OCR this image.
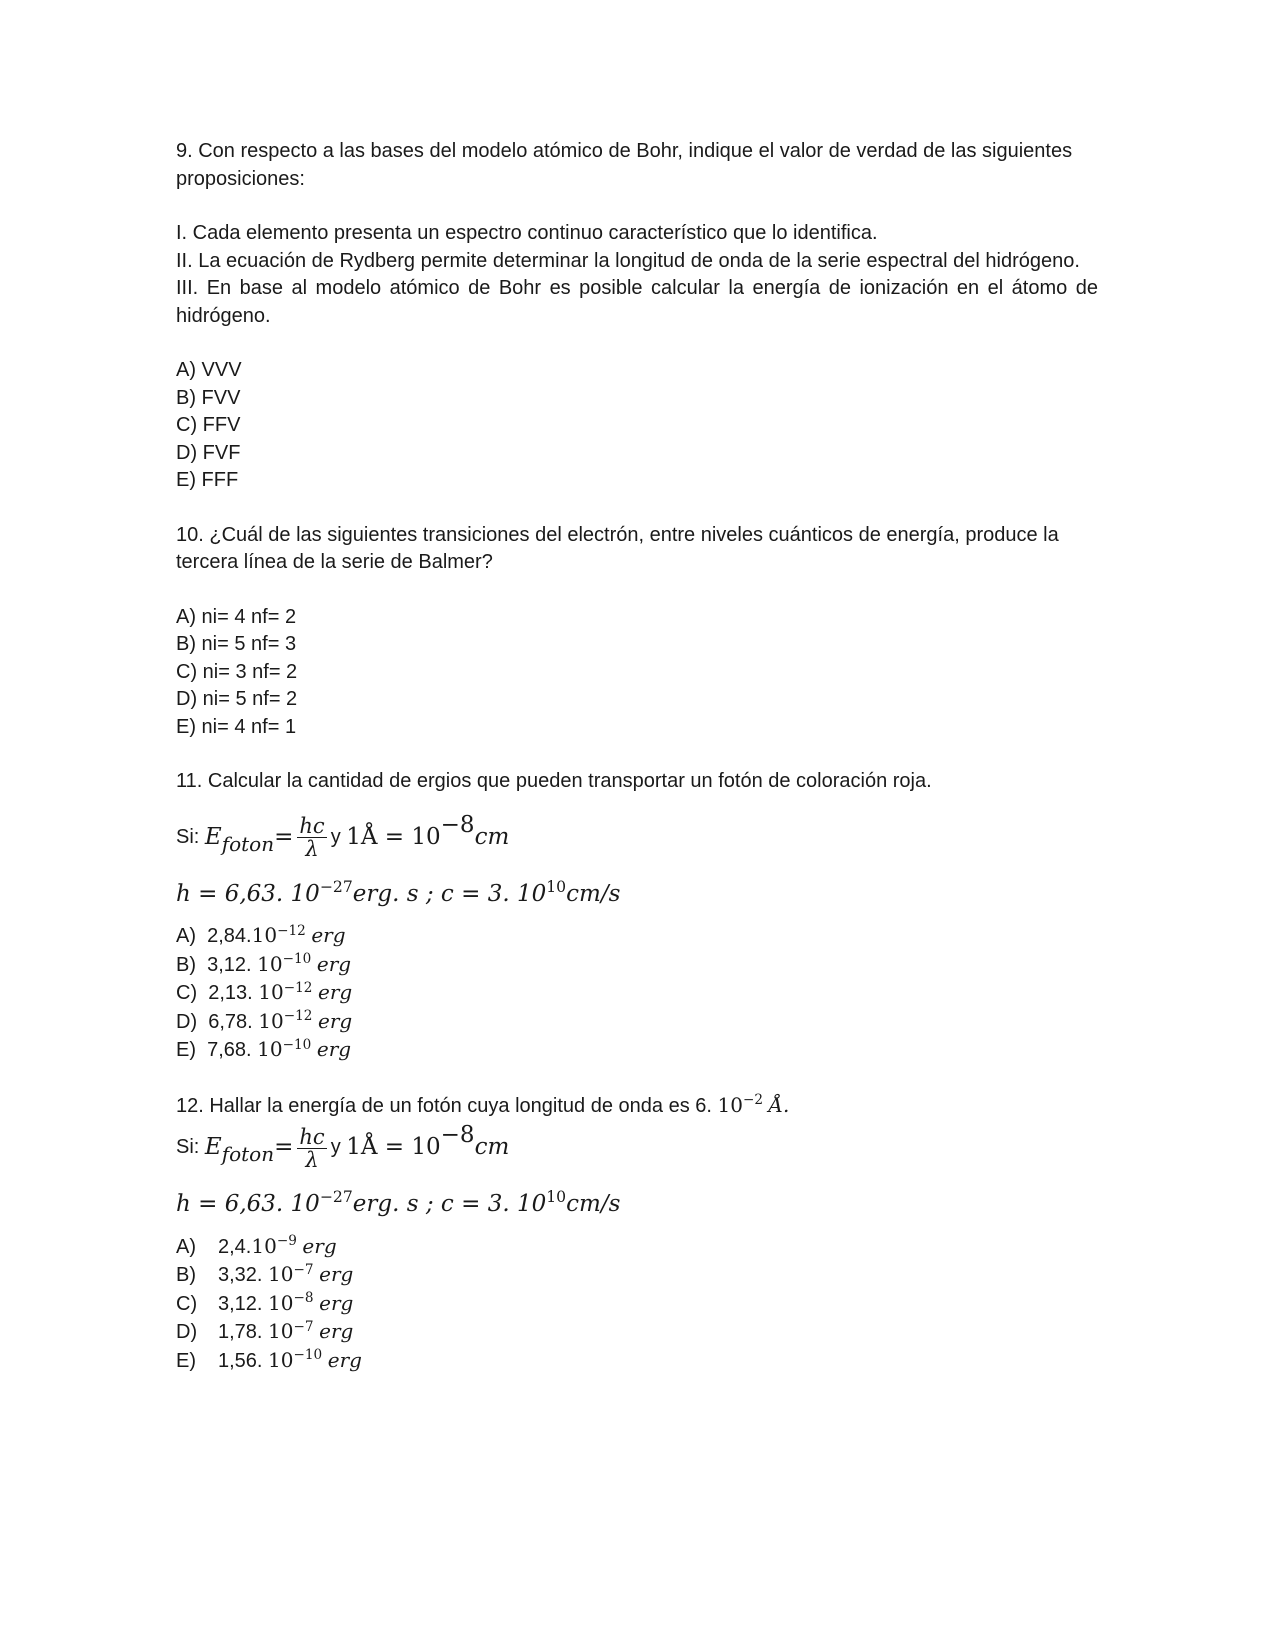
9. Con respecto a las bases del modelo atómico de Bohr, indique el valor de verdad de las siguientes proposiciones:

I. Cada elemento presenta un espectro continuo característico que lo identifica.

II. La ecuación de Rydberg permite determinar la longitud de onda de la serie espectral del hidrógeno.

III. En base al modelo atómico de Bohr es posible calcular la energía de ionización en el átomo de hidrógeno.

A) VVV

B) FVV

C) FFV

D) FVF

E) FFF

10. ¿Cuál de las siguientes transiciones del electrón, entre niveles cuánticos de energía, produce la tercera línea de la serie de Balmer?

A) ni= 4 nf= 2

B) ni= 5 nf= 3

C) ni= 3 nf= 2

D) ni= 5 nf= 2

E) ni= 4 nf= 1

11. Calcular la cantidad de ergios que pueden transportar un fotón de coloración roja.

Si:
$E_{foton} = \frac{hc}{\lambda}$ y
1Å = $10^{-8}$ cm

h = 6,63. $10^{-27}erg$. s ; c = 3. $10^{10}cm/s$

A) $2,84.10^{-12}$ erg

B) 3,12. $10^{-10}$ erg

C) 2,13. $10^{-12}$ erg

D) 6,78. $10^{-12}$ erg

E) 7,68. $10^{-10}$ erg

12. Hallar la energía de un fotón cuya longitud de onda es 6. $10^{-2}$ Å.

Si:
$E_{foton} = \frac{hc}{\lambda}$ y
1Å = $10^{-8}$ cm

h = 6,63. $10^{-27}erg$. s ; c = 3. $10^{10}cm/s$

A) $2,4.10^{-9}$ erg

B) 3,32. $10^{-7}$ erg

C) 3,12. $10^{-8}$ erg

D) 1,78. $10^{-7}$ erg

E) 1,56. $10^{-10}$ erg
